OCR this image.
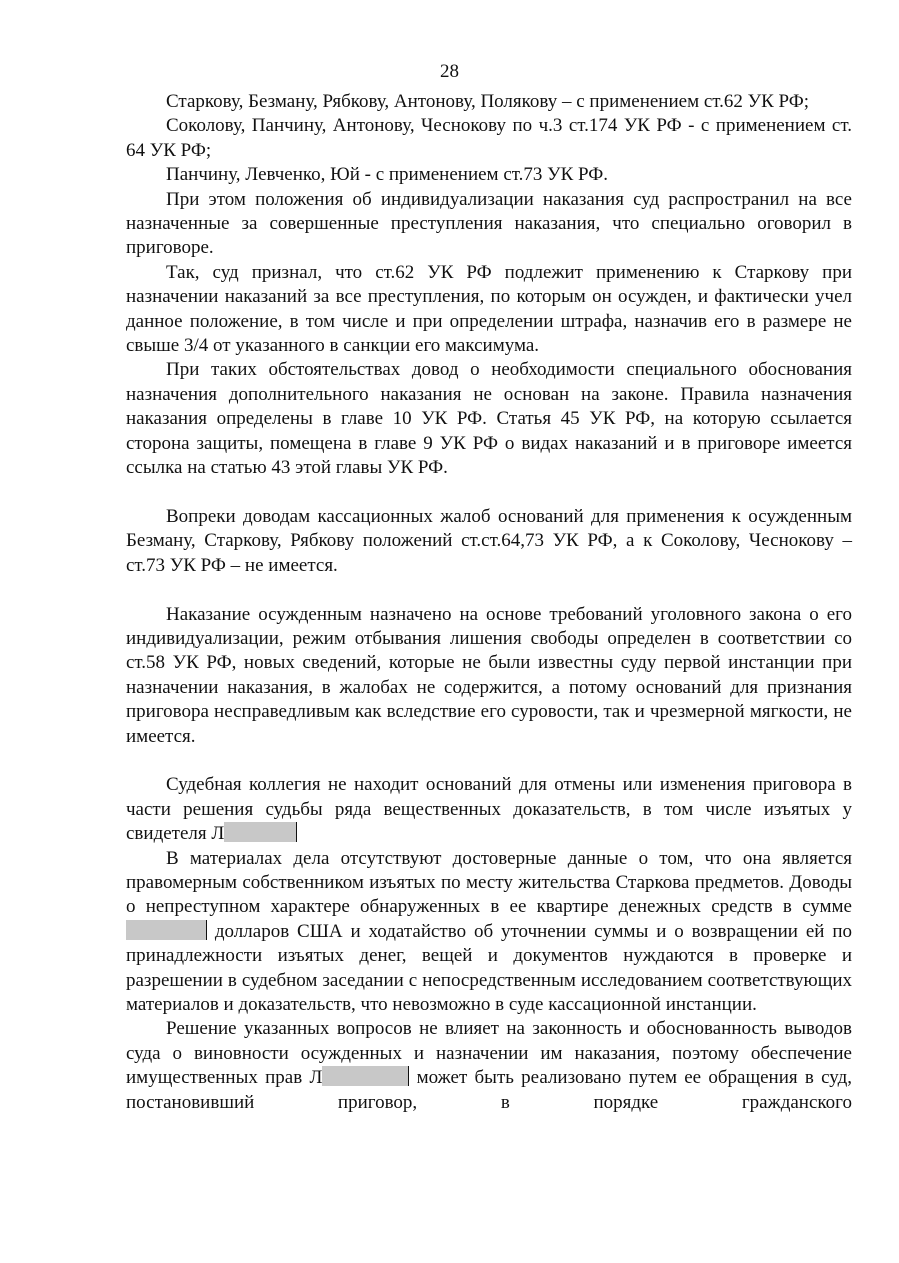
28

Старкову, Безману, Рябкову, Антонову, Полякову – с применением ст.62 УК РФ;

Соколову, Панчину, Антонову, Чеснокову по ч.3 ст.174 УК РФ - с применением ст. 64 УК РФ;

Панчину, Левченко, Юй - с применением ст.73 УК РФ.

При этом положения об индивидуализации наказания суд распространил на все назначенные за совершенные преступления наказания, что специально оговорил в приговоре.

Так, суд признал, что ст.62 УК РФ подлежит применению к Старкову при назначении наказаний за все преступления, по которым он осужден, и фактически учел данное положение, в том числе и при определении штрафа, назначив его в размере не свыше 3/4 от указанного в санкции его максимума.

При таких обстоятельствах довод о необходимости специального обоснования назначения дополнительного наказания не основан на законе. Правила назначения наказания определены в главе 10 УК РФ. Статья 45 УК РФ, на которую ссылается сторона защиты, помещена в главе 9 УК РФ о видах наказаний и в приговоре имеется ссылка на статью 43 этой главы УК РФ.

Вопреки доводам кассационных жалоб оснований для применения к осужденным Безману, Старкову, Рябкову положений ст.ст.64,73 УК РФ, а к Соколову, Чеснокову – ст.73 УК РФ – не имеется.

Наказание осужденным назначено на основе требований уголовного закона о его индивидуализации, режим отбывания лишения свободы определен в соответствии со ст.58 УК РФ, новых сведений, которые не были известны суду первой инстанции при назначении наказания, в жалобах не содержится, а потому оснований для признания приговора несправедливым как вследствие его суровости, так и чрезмерной мягкости, не имеется.

Судебная коллегия не находит оснований для отмены или изменения приговора в части решения судьбы ряда вещественных доказательств, в том числе изъятых у свидетеля Л

В материалах дела отсутствуют достоверные данные о том, что она является правомерным собственником изъятых по месту жительства Старкова предметов. Доводы о непреступном характере обнаруженных в ее квартире денежных средств в сумме  долларов США и ходатайство об уточнении суммы и о возвращении ей по принадлежности изъятых денег, вещей и документов нуждаются в проверке и разрешении в судебном заседании с непосредственным исследованием соответствующих материалов и доказательств, что невозможно в суде кассационной инстанции.

Решение указанных вопросов не влияет на законность и обоснованность выводов суда о виновности осужденных и назначении им наказания, поэтому обеспечение имущественных прав Л	может быть реализовано путем ее обращения в суд, постановивший приговор, в порядке гражданского
